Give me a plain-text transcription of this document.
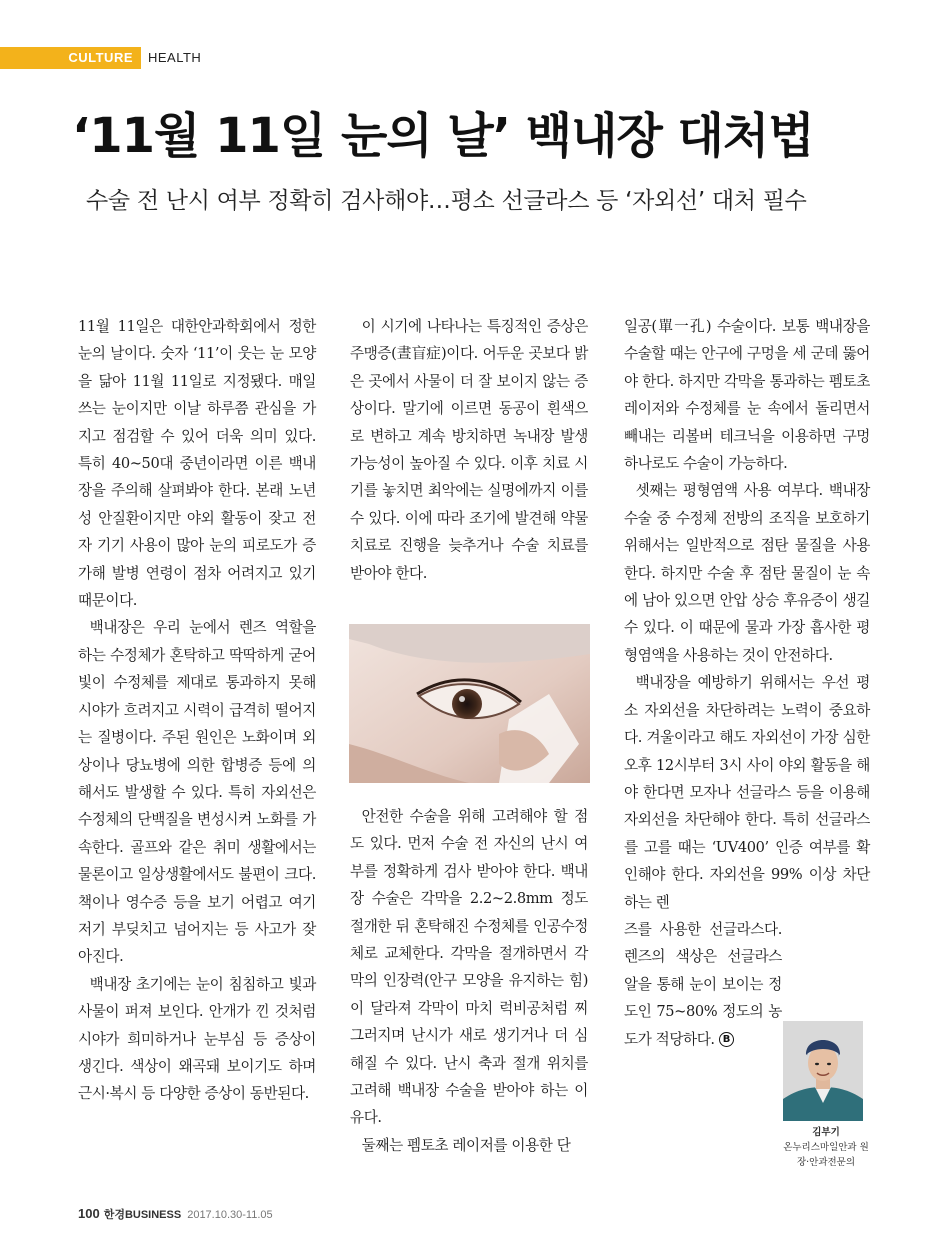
CULTURE	HEALTH
‘11월 11일 눈의 날’ 백내장 대처법
수술 전 난시 여부 정확히 검사해야…평소 선글라스 등 ‘자외선’ 대처 필수

11월 11일은 대한안과학회에서 정한 눈의 날이다. 숫자 ‘11’이 웃는 눈 모양을 닮아 11월 11일로 지정됐다. 매일 쓰는 눈이지만 이날 하루쯤 관심을 가지고 점검할 수 있어 더욱 의미 있다. 특히 40~50대 중년이라면 이른 백내장을 주의해 살펴봐야 한다. 본래 노년성 안질환이지만 야외 활동이 잦고 전자 기기 사용이 많아 눈의 피로도가 증가해 발병 연령이 점차 어려지고 있기 때문이다.

백내장은 우리 눈에서 렌즈 역할을 하는 수정체가 혼탁하고 딱딱하게 굳어 빛이 수정체를 제대로 통과하지 못해 시야가 흐려지고 시력이 급격히 떨어지는 질병이다. 주된 원인은 노화이며 외상이나 당뇨병에 의한 합병증 등에 의해서도 발생할 수 있다. 특히 자외선은 수정체의 단백질을 변성시켜 노화를 가속한다. 골프와 같은 취미 생활에서는 물론이고 일상생활에서도 불편이 크다. 책이나 영수증 등을 보기 어렵고 여기저기 부딪치고 넘어지는 등 사고가 잦아진다.

백내장 초기에는 눈이 침침하고 빛과 사물이 퍼져 보인다. 안개가 낀 것처럼 시야가 희미하거나 눈부심 등 증상이 생긴다. 색상이 왜곡돼 보이기도 하며 근시·복시 등 다양한 증상이 동반된다.

이 시기에 나타나는 특징적인 증상은 주맹증(晝盲症)이다. 어두운 곳보다 밝은 곳에서 사물이 더 잘 보이지 않는 증상이다. 말기에 이르면 동공이 흰색으로 변하고 계속 방치하면 녹내장 발생 가능성이 높아질 수 있다. 이후 치료 시기를 놓치면 최악에는 실명에까지 이를 수 있다. 이에 따라 조기에 발견해 약물치료로 진행을 늦추거나 수술 치료를 받아야 한다.

안전한 수술을 위해 고려해야 할 점도 있다. 먼저 수술 전 자신의 난시 여부를 정확하게 검사 받아야 한다. 백내장 수술은 각막을 2.2~2.8mm 정도 절개한 뒤 혼탁해진 수정체를 인공수정체로 교체한다. 각막을 절개하면서 각막의 인장력(안구 모양을 유지하는 힘)이 달라져 각막이 마치 럭비공처럼 찌그러지며 난시가 새로 생기거나 더 심해질 수 있다. 난시 축과 절개 위치를 고려해 백내장 수술을 받아야 하는 이유다.

둘째는 펨토초 레이저를 이용한 단

일공(單一孔) 수술이다. 보통 백내장을 수술할 때는 안구에 구멍을 세 군데 뚫어야 한다. 하지만 각막을 통과하는 펨토초 레이저와 수정체를 눈 속에서 돌리면서 빼내는 리볼버 테크닉을 이용하면 구멍 하나로도 수술이 가능하다.

셋째는 평형염액 사용 여부다. 백내장 수술 중 수정체 전방의 조직을 보호하기 위해서는 일반적으로 점탄 물질을 사용한다. 하지만 수술 후 점탄 물질이 눈 속에 남아 있으면 안압 상승 후유증이 생길 수 있다. 이 때문에 물과 가장 흡사한 평형염액을 사용하는 것이 안전하다.

백내장을 예방하기 위해서는 우선 평소 자외선을 차단하려는 노력이 중요하다. 겨울이라고 해도 자외선이 가장 심한 오후 12시부터 3시 사이 야외 활동을 해야 한다면 모자나 선글라스 등을 이용해 자외선을 차단해야 한다. 특히 선글라스를 고를 때는 ‘UV400’ 인증 여부를 확인해야 한다. 자외선을 99% 이상 차단하는 렌

즈를 사용한 선글라스다. 렌즈의 색상은 선글라스 알을 통해 눈이 보이는 정도인 75~80% 정도의 농도가 적당하다. B

김부기
온누리스마일안과 원장·안과전문의
100 한경BUSINESS 2017.10.30-11.05
